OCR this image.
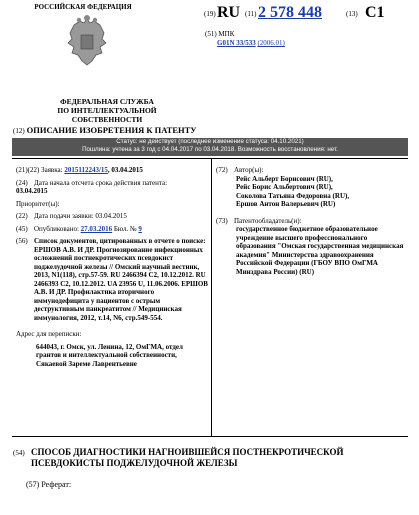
РОССИЙСКАЯ ФЕДЕРАЦИЯ
ФЕДЕРАЛЬНАЯ СЛУЖБА
ПО ИНТЕЛЛЕКТУАЛЬНОЙ СОБСТВЕННОСТИ
(19) RU (11) 2 578 448	(13) C1
(51) МПК
G01N 33/533 (2006.01)
(12) ОПИСАНИЕ ИЗОБРЕТЕНИЯ К ПАТЕНТУ
Статус: не действует (последнее изменение статуса: 04.10.2021)
Пошлина: учтена за 3 год с 04.04.2017 по 03.04.2018. Возможность восстановления: нет.

(21)(22) Заявка: 2015112243/15, 03.04.2015

(24) Дата начала отсчета срока действия патента:
03.04.2015

Приоритет(ы):

(22) Дата подачи заявки: 03.04.2015

(45) Опубликовано: 27.03.2016 Бюл. № 9

(56) Список документов, цитированных в отчете о поиске: ЕРШОВ А.В. И ДР. Прогнозирование инфекционных осложнений постнекротических псевдокист поджелудочной железы // Омский научный вестник, 2013, N1(118), стр.57-59. RU 2466394 C2, 10.12.2012. RU 2466393 C2, 10.12.2012. UA 23956 U, 11.06.2006. ЕРШОВ А.В. И ДР. Профилактика вторичного иммунодефицита у пациентов с острым деструктивным панкреатитом // Медицинская иммунология, 2012, т.14, N6, стр.549-554.

Адрес для переписки:

644043, г. Омск, ул. Ленина, 12, ОмГМА, отдел грантов и интеллектуальной собственности, Сякаевой Зареме Лаврентьевне

(72) Автор(ы):

Рейс Альберт Борисович (RU),
Рейс Борис Альбертович (RU),
Соколова Татьяна Федоровна (RU),
Ершов Антон Валерьевич (RU)

(73) Патентообладатель(и):

государственное бюджетное образовательное учреждение высшего профессионального образования "Омская государственная медицинская академия" Министерства здравоохранения Российской Федерации (ГБОУ ВПО ОмГМА Минздрава России) (RU)
(54) СПОСОБ ДИАГНОСТИКИ НАГНОИВШЕЙСЯ ПОСТНЕКРОТИЧЕСКОЙ ПСЕВДОКИСТЫ ПОДЖЕЛУДОЧНОЙ ЖЕЛЕЗЫ
(57) Реферат:
